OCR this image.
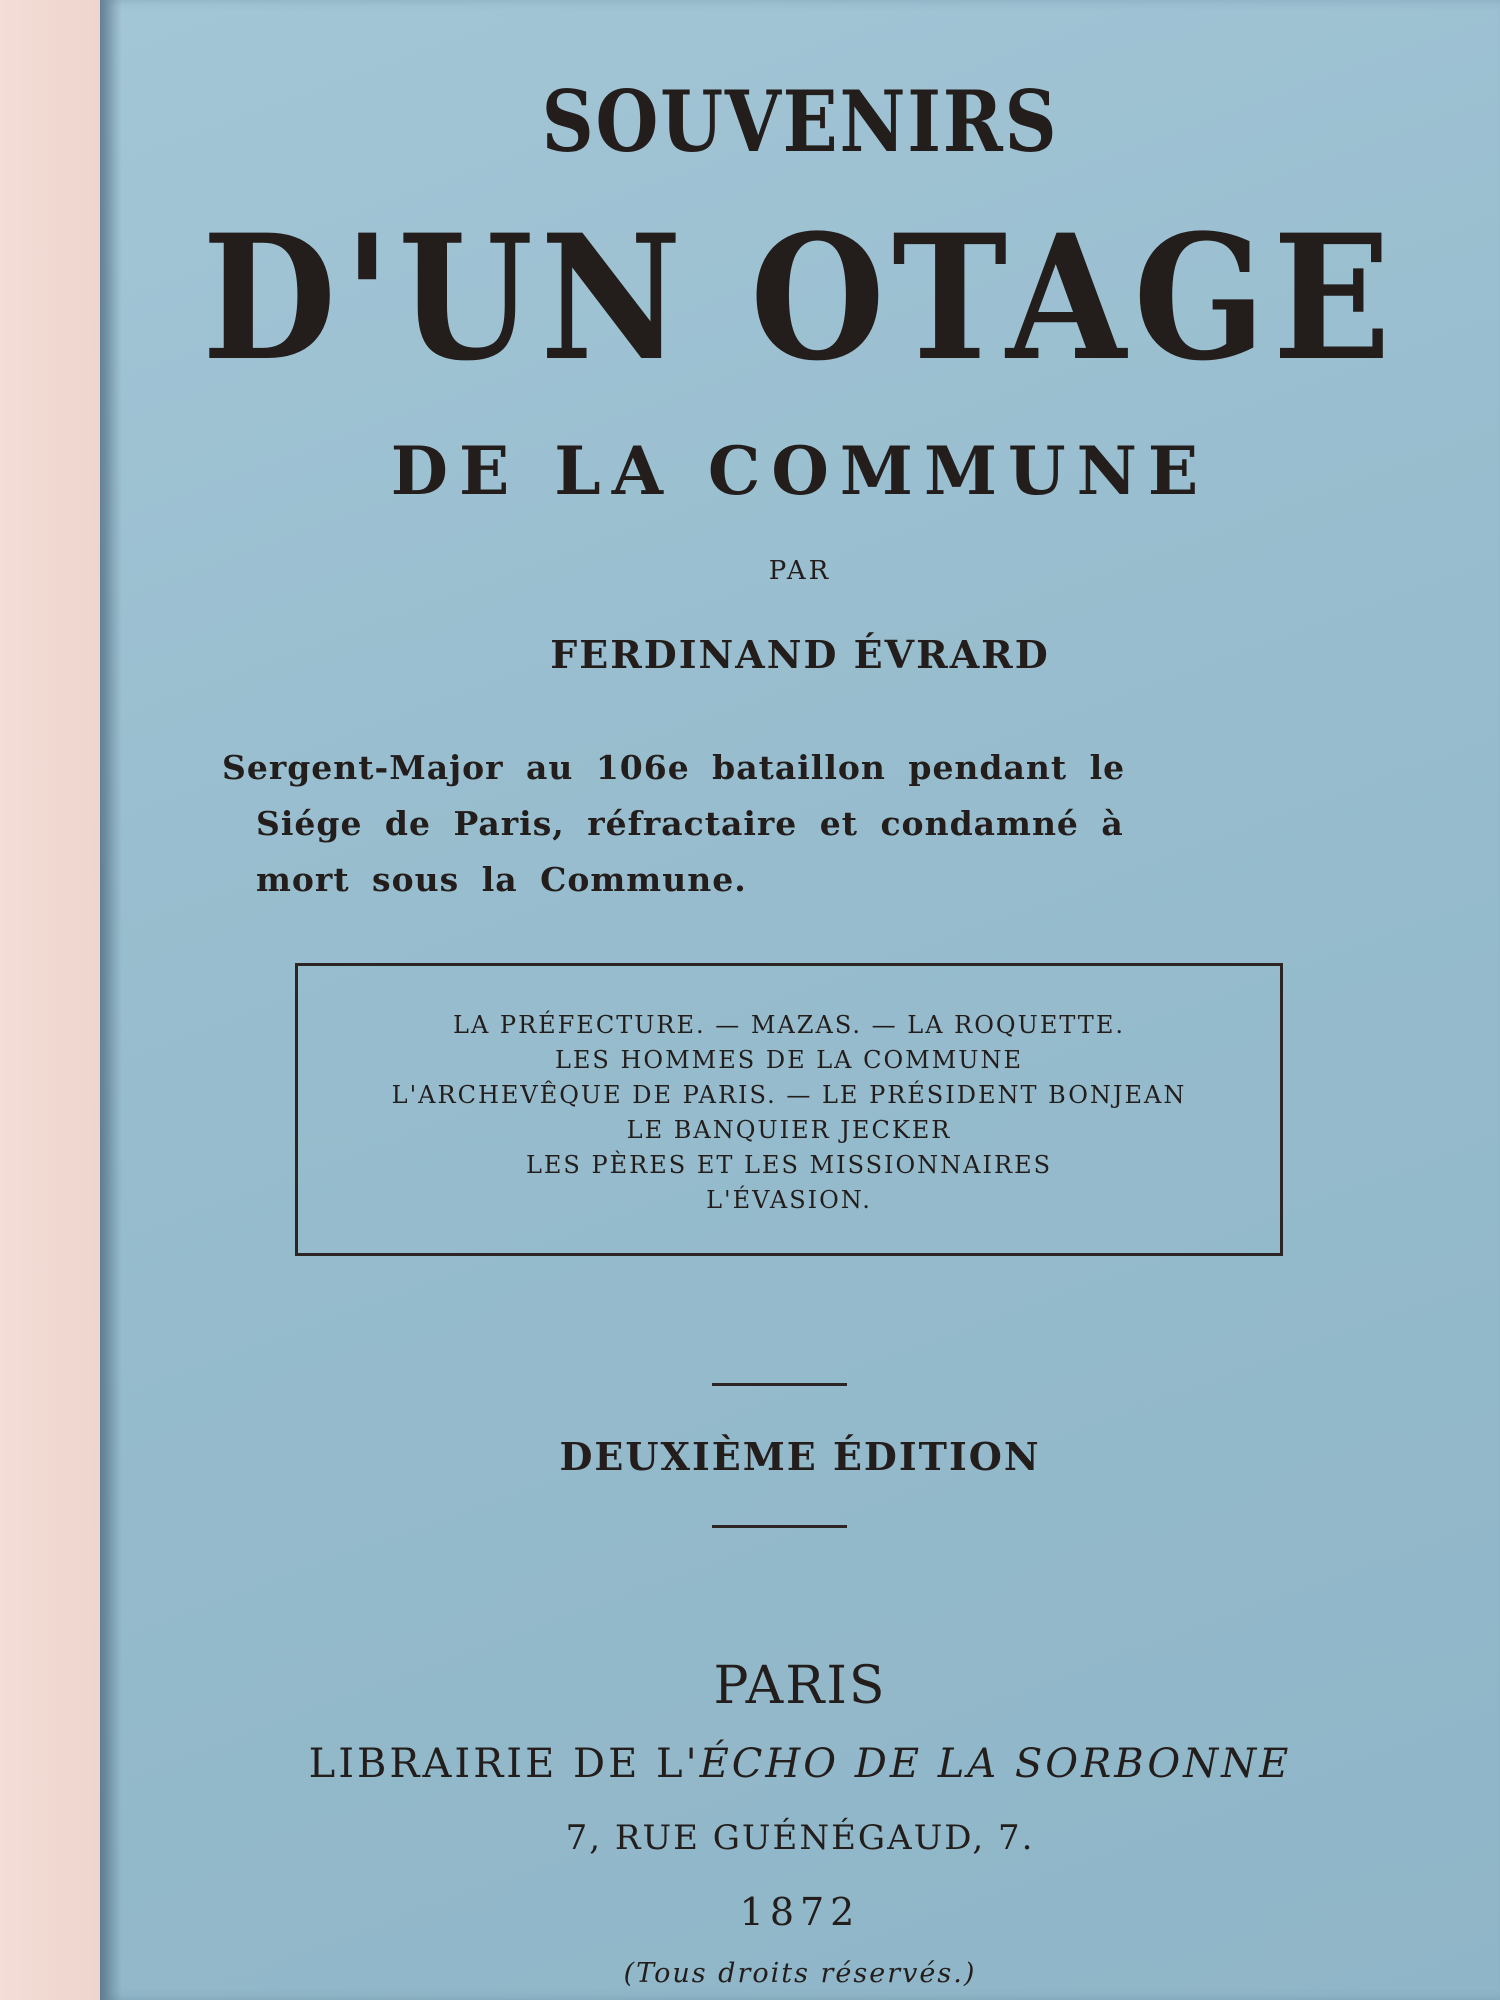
SOUVENIRS
D'UN OTAGE
DE LA COMMUNE
PAR
FERDINAND ÉVRARD
Sergent-Major au 106e bataillon pendant le
Siége de Paris, réfractaire et condamné à
mort sous la Commune.
LA PRÉFECTURE. — MAZAS. — LA ROQUETTE.
LES HOMMES DE LA COMMUNE
L'ARCHEVÊQUE DE PARIS. — LE PRÉSIDENT BONJEAN
LE BANQUIER JECKER
LES PÈRES ET LES MISSIONNAIRES
L'ÉVASION.
DEUXIÈME ÉDITION
PARIS
LIBRAIRIE DE L'ÉCHO DE LA SORBONNE
7, RUE GUÉNÉGAUD, 7.
1872
(Tous droits réservés.)
